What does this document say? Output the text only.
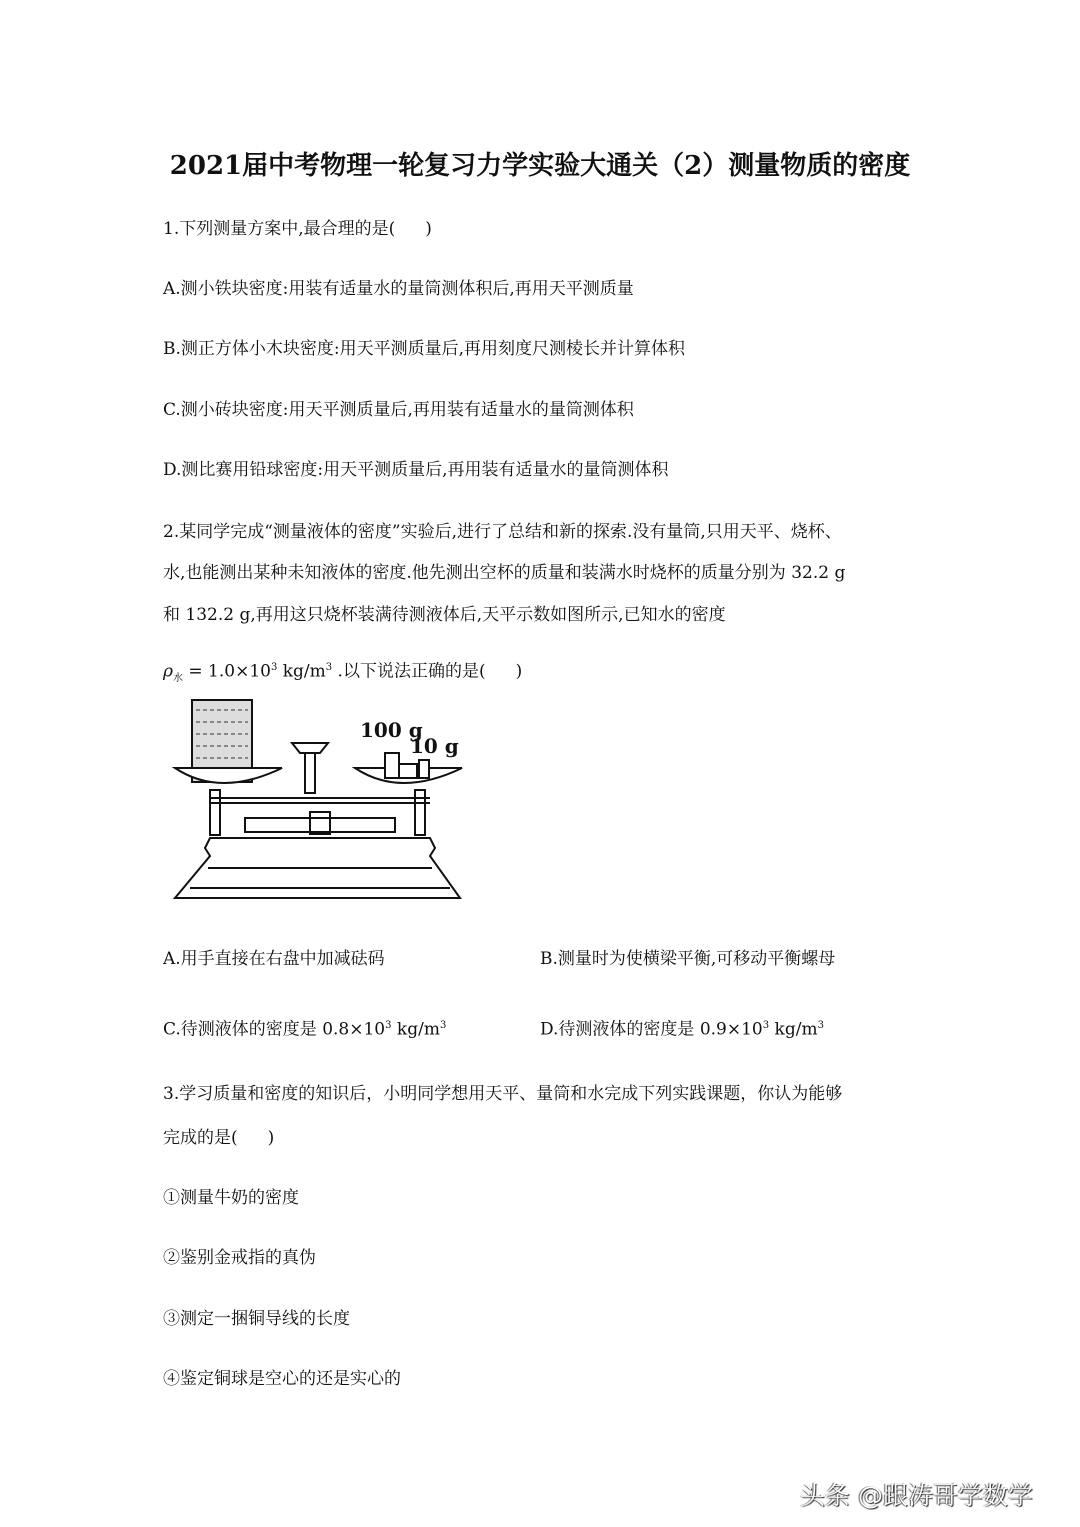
2021届中考物理一轮复习力学实验大通关（2）测量物质的密度
1.下列测量方案中,最合理的是( )
A.测小铁块密度:用装有适量水的量筒测体积后,再用天平测质量
B.测正方体小木块密度:用天平测质量后,再用刻度尺测棱长并计算体积
C.测小砖块密度:用天平测质量后,再用装有适量水的量筒测体积
D.测比赛用铅球密度:用天平测质量后,再用装有适量水的量筒测体积
2.某同学完成“测量液体的密度”实验后,进行了总结和新的探索.没有量筒,只用天平、烧杯、
水,也能测出某种未知液体的密度.他先测出空杯的质量和装满水时烧杯的质量分别为 32.2 g
和 132.2 g,再用这只烧杯装满待测液体后,天平示数如图所示,已知水的密度
$\rho_水 = 1.0\times 10^3$ $kg/m^3$ .以下说法正确的是( )
100 g
10 g
A.用手直接在右盘中加减砝码	B.测量时为使横梁平衡,可移动平衡螺母
C.待测液体的密度是 $0.8\times 10^3$ $kg/m^3$	D.待测液体的密度是 $0.9\times 10^3$ $kg/m^3$
3.学习质量和密度的知识后，小明同学想用天平、量筒和水完成下列实践课题，你认为能够
完成的是( )
①测量牛奶的密度
②鉴别金戒指的真伪
③测定一捆铜导线的长度
④鉴定铜球是空心的还是实心的
头条 @跟涛哥学数学
